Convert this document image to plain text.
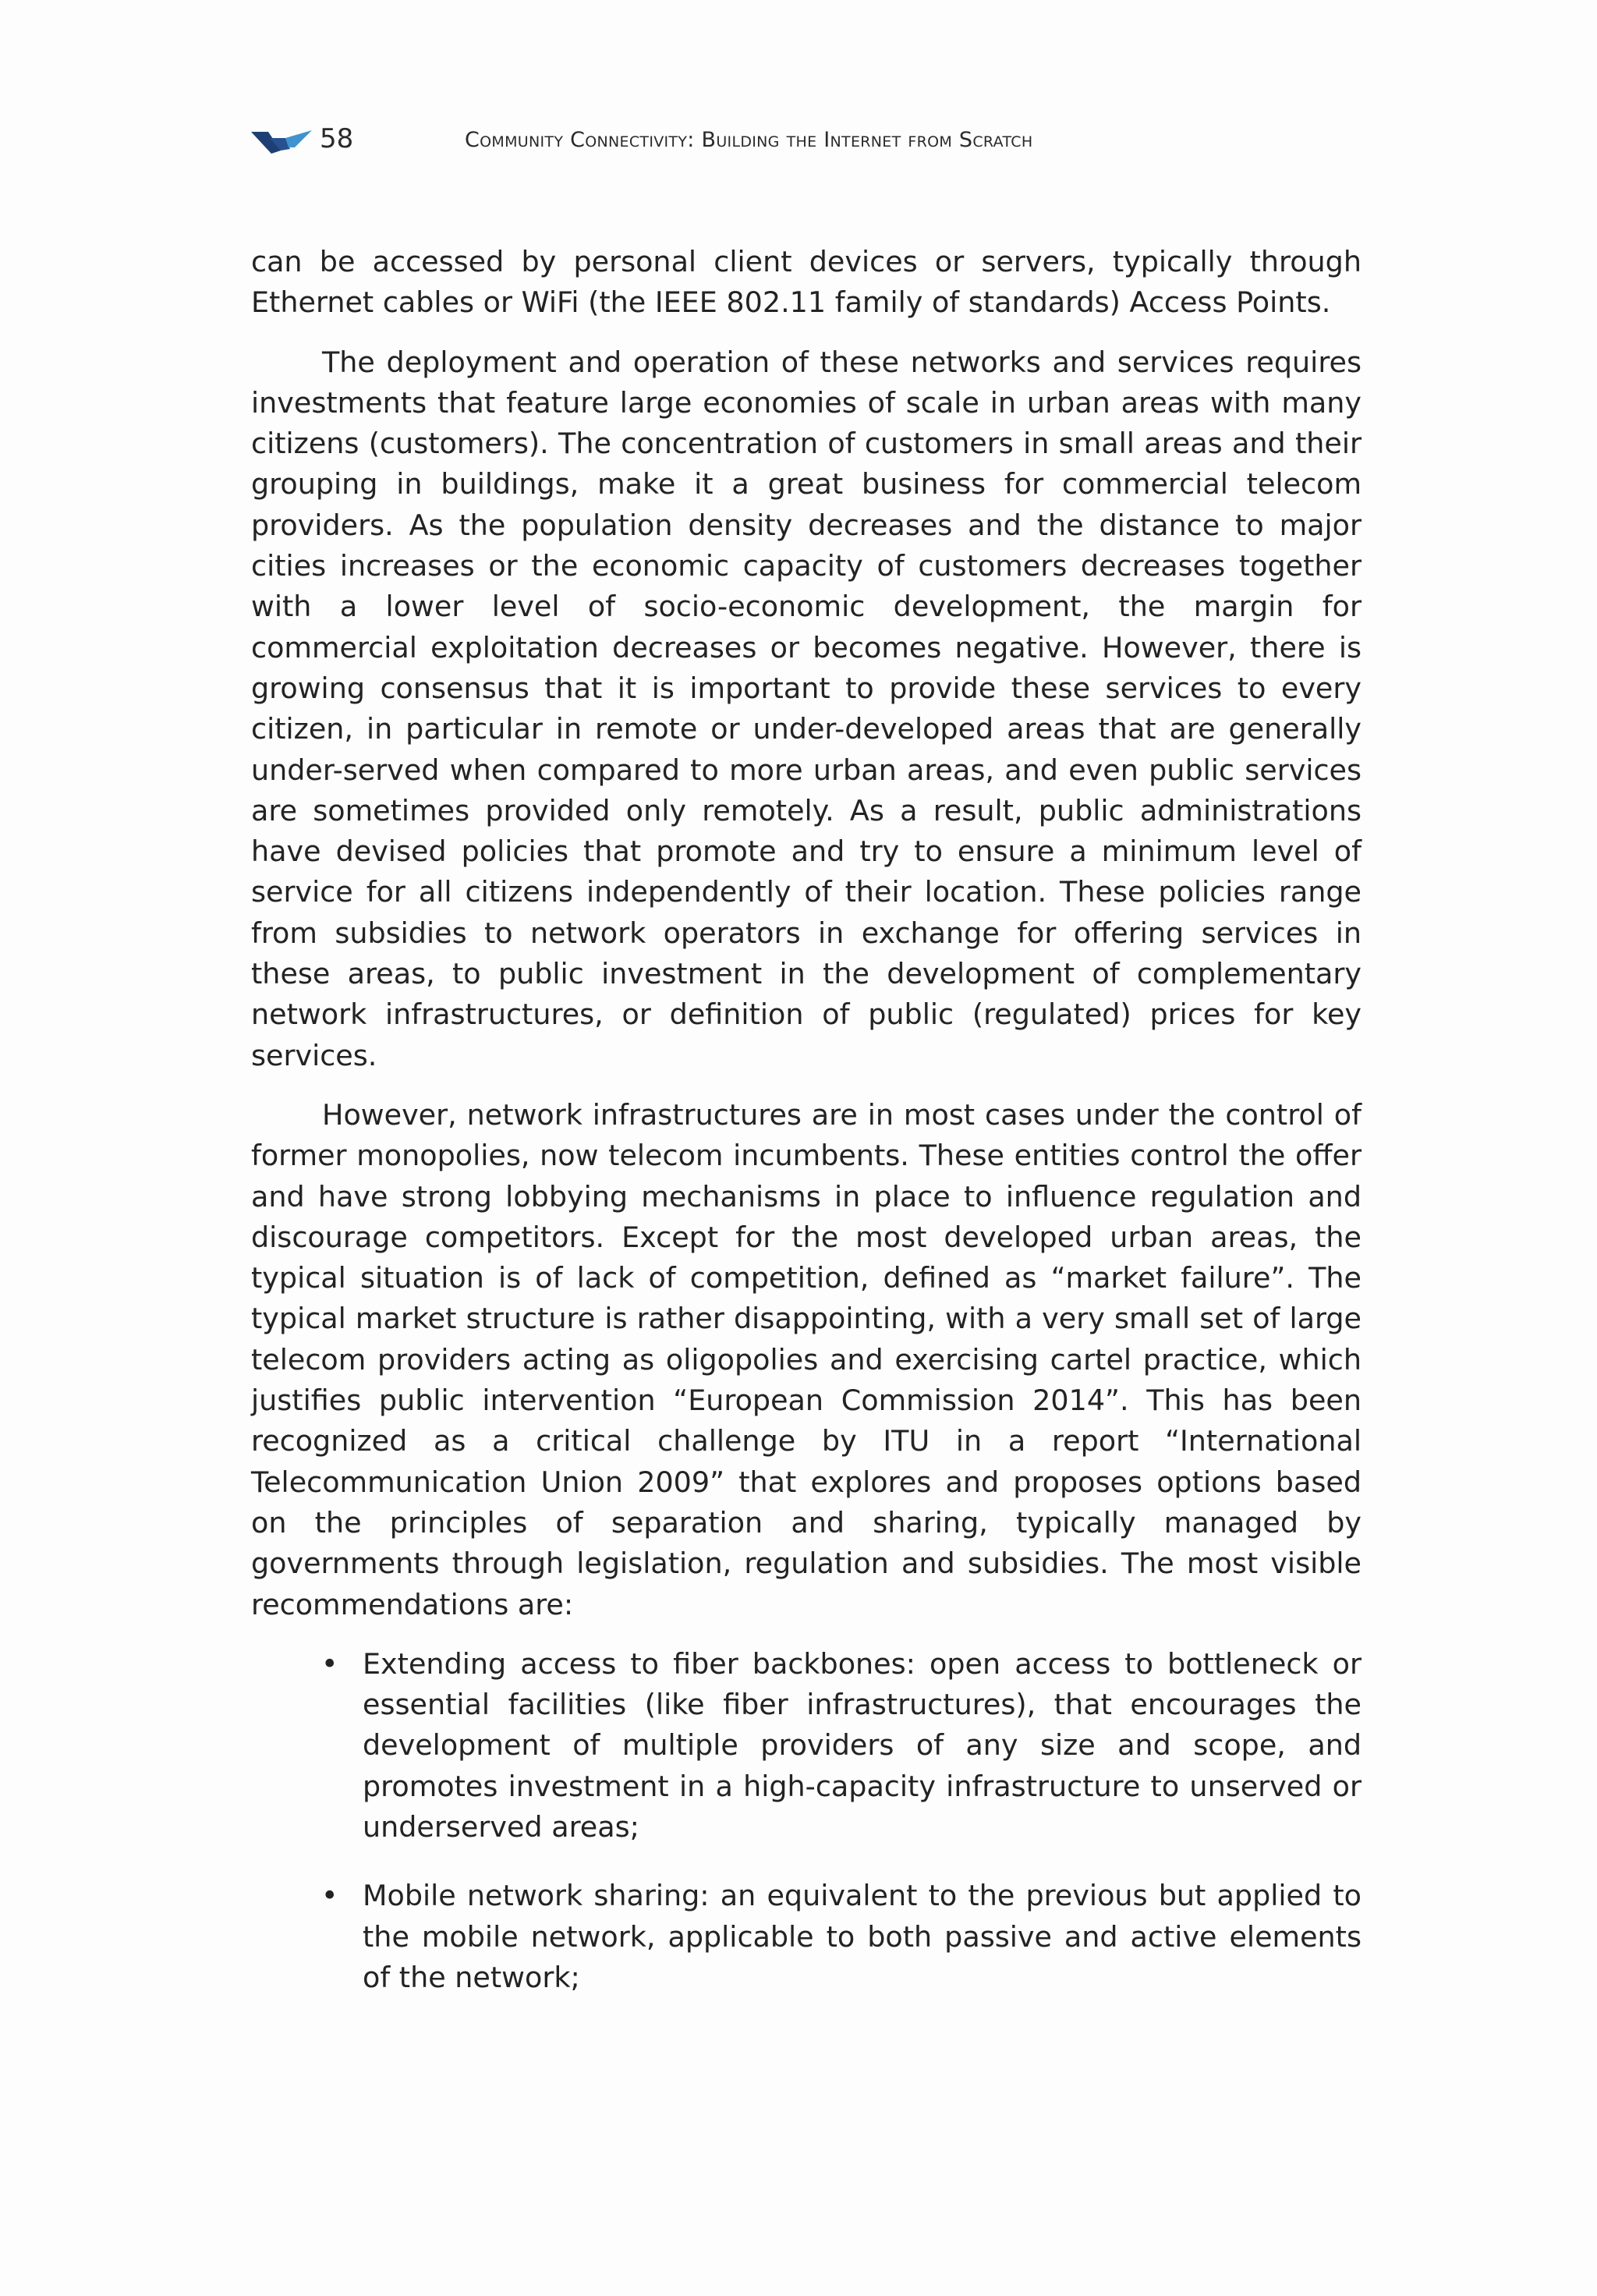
58	Community Connectivity: Building the Internet from Scratch

can be accessed by personal client devices or servers, typically through Ethernet cables or WiFi (the IEEE 802.11 family of standards) Access Points.

The deployment and operation of these networks and services requires investments that feature large economies of scale in urban areas with many citizens (customers). The concentration of customers in small areas and their grouping in buildings, make it a great business for commercial telecom providers. As the population density decreases and the distance to major cities increases or the economic capacity of customers decreases together with a lower level of socio-economic development, the margin for commercial exploitation decreases or becomes negative. However, there is growing consensus that it is important to provide these services to every citizen, in particular in remote or under-developed areas that are generally under-served when compared to more urban areas, and even public services are sometimes provided only remotely. As a result, public administrations have devised policies that promote and try to ensure a minimum level of service for all citizens independently of their location. These policies range from subsidies to network operators in exchange for offering services in these areas, to public investment in the development of complementary network infrastructures, or definition of public (regulated) prices for key services.

However, network infrastructures are in most cases under the control of former monopolies, now telecom incumbents. These entities control the offer and have strong lobbying mechanisms in place to influence regulation and discourage competitors. Except for the most developed urban areas, the typical situation is of lack of competition, defined as “market failure”. The typical market structure is rather disappointing, with a very small set of large telecom providers acting as oligopolies and exercising cartel practice, which justifies public intervention “European Commission 2014”. This has been recognized as a critical challenge by ITU in a report “International Telecommunication Union 2009” that explores and proposes options based on the principles of separation and sharing, typically managed by governments through legislation, regulation and subsidies. The most visible recommendations are:

• Extending access to fiber backbones: open access to bottleneck or essential facilities (like fiber infrastructures), that encourages the development of multiple providers of any size and scope, and promotes investment in a high-capacity infrastructure to unserved or underserved areas;
• Mobile network sharing: an equivalent to the previous but applied to the mobile network, applicable to both passive and active elements of the network;
